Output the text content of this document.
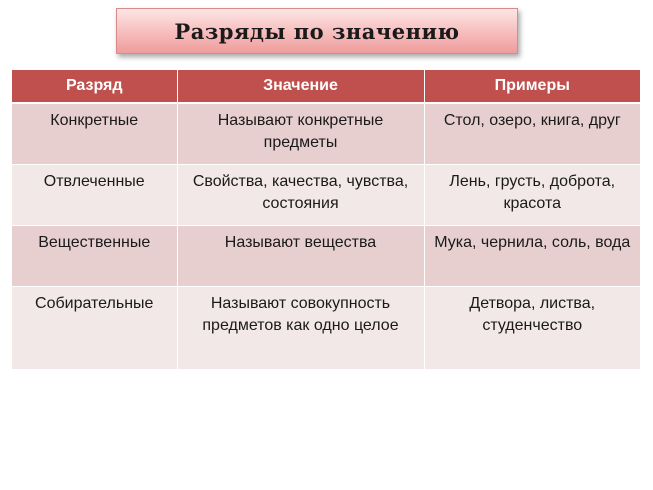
Разряды по значению
Разряд	Значение	Примеры
Конкретные	Называют конкретные предметы	Стол, озеро, книга, друг
Отвлеченные	Свойства, качества, чувства, состояния	Лень, грусть, доброта, красота
Вещественные	Называют вещества	Мука, чернила, соль, вода
Собирательные	Называют совокупность предметов как одно целое	Детвора, листва, студенчество
